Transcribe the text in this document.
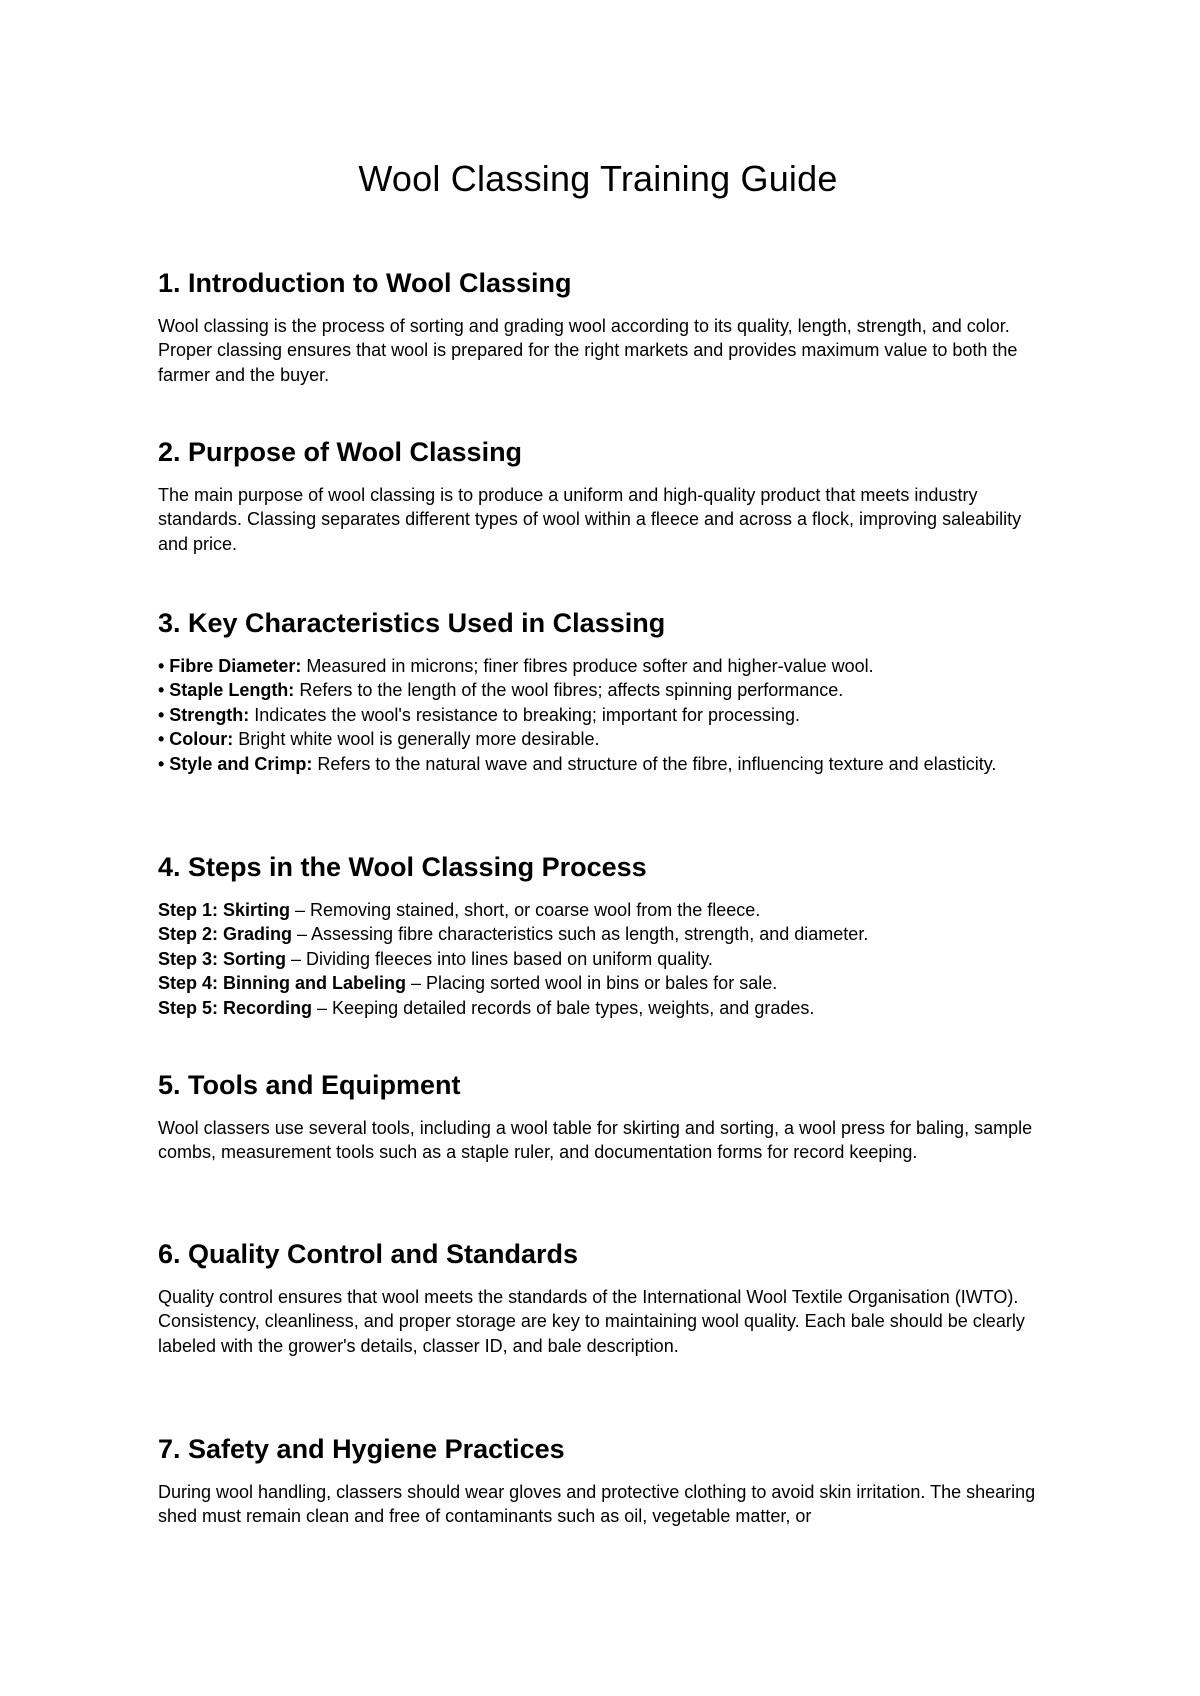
Wool Classing Training Guide
1. Introduction to Wool Classing

Wool classing is the process of sorting and grading wool according to its quality, length, strength, and color. Proper classing ensures that wool is prepared for the right markets and provides maximum value to both the farmer and the buyer.

2. Purpose of Wool Classing

The main purpose of wool classing is to produce a uniform and high-quality product that meets industry standards. Classing separates different types of wool within a fleece and across a flock, improving saleability and price.

3. Key Characteristics Used in Classing
• Fibre Diameter: Measured in microns; finer fibres produce softer and higher-value wool.
• Staple Length: Refers to the length of the wool fibres; affects spinning performance.
• Strength: Indicates the wool's resistance to breaking; important for processing.
• Colour: Bright white wool is generally more desirable.
• Style and Crimp: Refers to the natural wave and structure of the fibre, influencing texture and elasticity.
4. Steps in the Wool Classing Process
Step 1: Skirting – Removing stained, short, or coarse wool from the fleece.
Step 2: Grading – Assessing fibre characteristics such as length, strength, and diameter.
Step 3: Sorting – Dividing fleeces into lines based on uniform quality.
Step 4: Binning and Labeling – Placing sorted wool in bins or bales for sale.
Step 5: Recording – Keeping detailed records of bale types, weights, and grades.
5. Tools and Equipment

Wool classers use several tools, including a wool table for skirting and sorting, a wool press for baling, sample combs, measurement tools such as a staple ruler, and documentation forms for record keeping.

6. Quality Control and Standards

Quality control ensures that wool meets the standards of the International Wool Textile Organisation (IWTO). Consistency, cleanliness, and proper storage are key to maintaining wool quality. Each bale should be clearly labeled with the grower's details, classer ID, and bale description.

7. Safety and Hygiene Practices

During wool handling, classers should wear gloves and protective clothing to avoid skin irritation. The shearing shed must remain clean and free of contaminants such as oil, vegetable matter, or
